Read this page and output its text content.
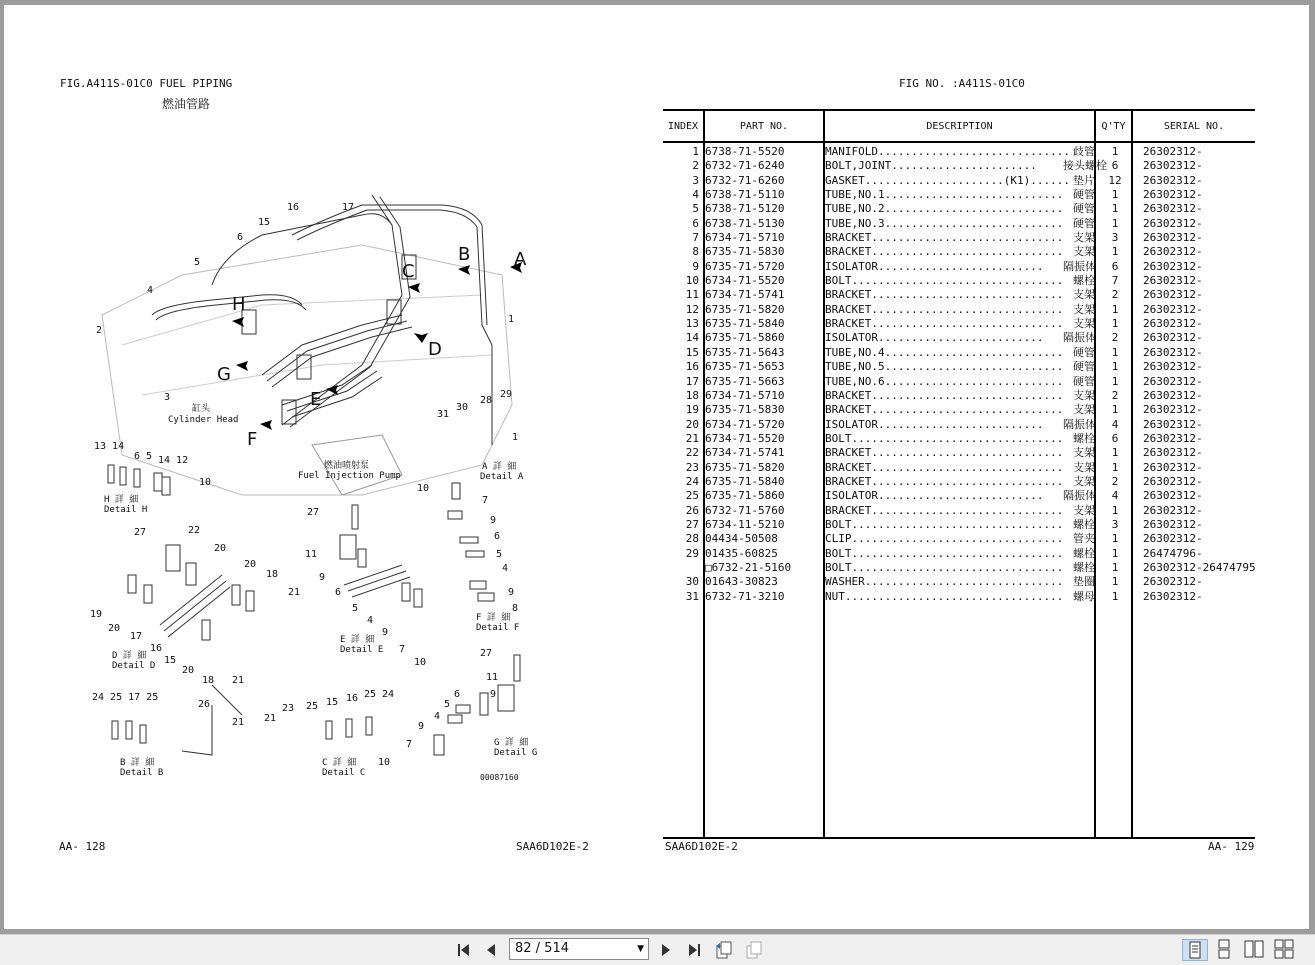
FIG.A411S-01C0 FUEL PIPING
燃油管路
FIG NO. :A411S-01C0
A
B
C
D
E
F
G
H
17
16
15
6
5
4
2
3
1
31
30
28
29
1
13 14
6 5 14 12
10
27	22
20
20
18
21
19
20
17
16
15
20
18 21
27
11
9
6
5
4
9
7
10
10
7
9
6
5
4
9
8
27
11
9
6
5
4
9
7
10
24 25 17 25
26
21 21
23 25 15 16 25 24
缸头
Cylinder Head
燃油喷射泵
Fuel Injection Pump
A 詳 細
Detail A
H 詳 細
Detail H
D 詳 細
Detail D
E 詳 細
Detail E
F 詳 細
Detail F
G 詳 細
Detail G
B 詳 細
Detail B
C 詳 細
Detail C	00087160
INDEX	PART NO.	DESCRIPTION	Q'TY	SERIAL NO.
1 6738-71-5520	MANIFOLD............................. 歧管	1	26302312-
2 6732-71-6240	BOLT,JOINT......................	接头螺栓 6	26302312-
3 6732-71-6260	GASKET.....................(K1)...... 垫片	12	26302312-
4 6738-71-5110	TUBE,NO.1........................... 硬管	1	26302312-
5 6738-71-5120	TUBE,NO.2........................... 硬管	1	26302312-
6 6738-71-5130	TUBE,NO.3........................... 硬管	1	26302312-
7 6734-71-5710	BRACKET............................. 支架	3	26302312-
8 6735-71-5830	BRACKET............................. 支架	1	26302312-
9 6735-71-5720	ISOLATOR.........................	隔振体	6	26302312-
10 6734-71-5520	BOLT................................ 螺栓	7	26302312-
11 6734-71-5741	BRACKET............................. 支架	2	26302312-
12 6735-71-5820	BRACKET............................. 支架	1	26302312-
13 6735-71-5840	BRACKET............................. 支架	1	26302312-
14 6735-71-5860	ISOLATOR.........................	隔振体	2	26302312-
15 6735-71-5643	TUBE,NO.4........................... 硬管	1	26302312-
16 6735-71-5653	TUBE,NO.5........................... 硬管	1	26302312-
17 6735-71-5663	TUBE,NO.6........................... 硬管	1	26302312-
18 6734-71-5710	BRACKET............................. 支架	2	26302312-
19 6735-71-5830	BRACKET............................. 支架	1	26302312-
20 6734-71-5720	ISOLATOR.........................	隔振体	4	26302312-
21 6734-71-5520	BOLT................................ 螺栓	6	26302312-
22 6734-71-5741	BRACKET............................. 支架	1	26302312-
23 6735-71-5820	BRACKET............................. 支架	1	26302312-
24 6735-71-5840	BRACKET............................. 支架	2	26302312-
25 6735-71-5860	ISOLATOR.........................	隔振体	4	26302312-
26 6732-71-5760	BRACKET............................. 支架	1	26302312-
27 6734-11-5210	BOLT................................ 螺栓	3	26302312-
28 04434-50508	CLIP................................ 管夹	1	26302312-
29 01435-60825	BOLT................................ 螺栓	1	26474796-
□6732-21-5160	BOLT................................ 螺栓	1	26302312-26474795
30 01643-30823	WASHER.............................. 垫圈	1	26302312-
31 6732-71-3210	NUT................................. 螺母	1	26302312-
AA- 128	SAA6D102E-2	SAA6D102E-2	AA- 129
82 / 514	▼
